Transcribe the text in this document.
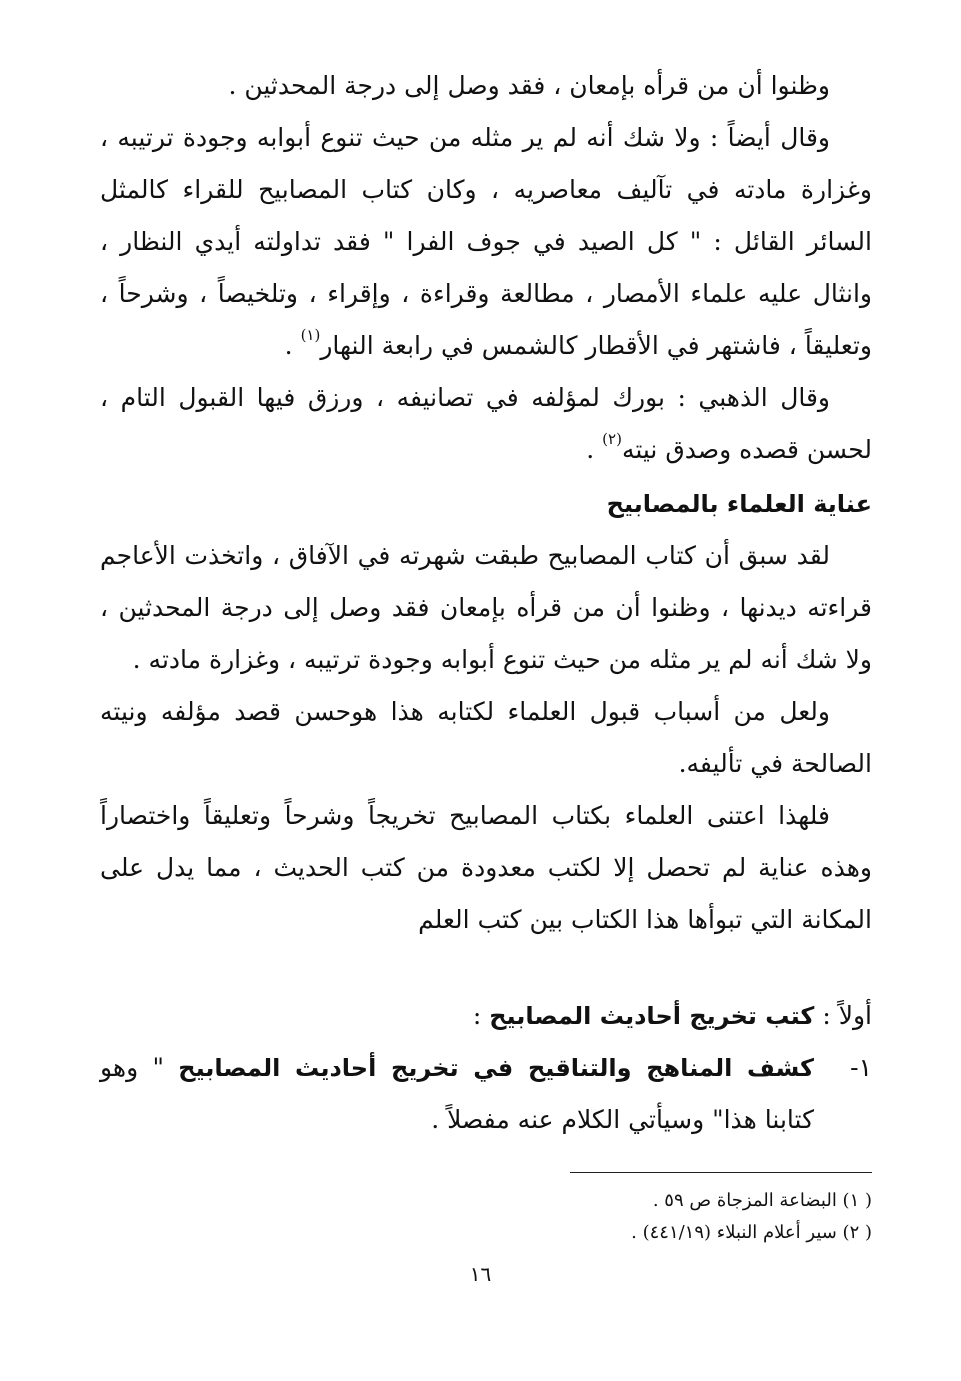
وظنوا أن من قرأه بإمعان ، فقد وصل إلى درجة المحدثين .

وقال أيضاً : ولا شك أنه لم ير مثله من حيث تنوع أبوابه وجودة ترتيبه ، وغزارة مادته في تآليف معاصريه ، وكان كتاب المصابيح للقراء كالمثل السائر القائل : " كل الصيد في جوف الفرا " فقد تداولته أيدي النظار ، وانثال عليه علماء الأمصار ، مطالعة وقراءة ، وإقراء ، وتلخيصاً ، وشرحاً ، وتعليقاً ، فاشتهر في الأقطار كالشمس في رابعة النهار$^{(١)}$ .

وقال الذهبي : بورك لمؤلفه في تصانيفه ، ورزق فيها القبول التام ، لحسن قصده وصدق نيته$^{(٢)}$ .

عناية العلماء بالمصابيح

لقد سبق أن كتاب المصابيح طبقت شهرته في الآفاق ، واتخذت الأعاجم قراءته ديدنها ، وظنوا أن من قرأه بإمعان فقد وصل إلى درجة المحدثين ، ولا شك أنه لم ير مثله من حيث تنوع أبوابه وجودة ترتيبه ، وغزارة مادته .

ولعل من أسباب قبول العلماء لكتابه هذا هوحسن قصد مؤلفه ونيته الصالحة في تأليفه.

فلهذا اعتنى العلماء بكتاب المصابيح تخريجاً وشرحاً وتعليقاً واختصاراً وهذه عناية لم تحصل إلا لكتب معدودة من كتب الحديث ، مما يدل على المكانة التي تبوأها هذا الكتاب بين كتب العلم

أولاً : كتب تخريج أحاديث المصابيح :

١-
كشف المناهج والتناقيح في تخريج أحاديث المصابيح " وهو كتابنا هذا" وسيأتي الكلام عنه مفصلاً .

( ١) البضاعة المزجاة ص ٥٩ .
( ٢) سير أعلام النبلاء (٤٤١/١٩) .
١٦
